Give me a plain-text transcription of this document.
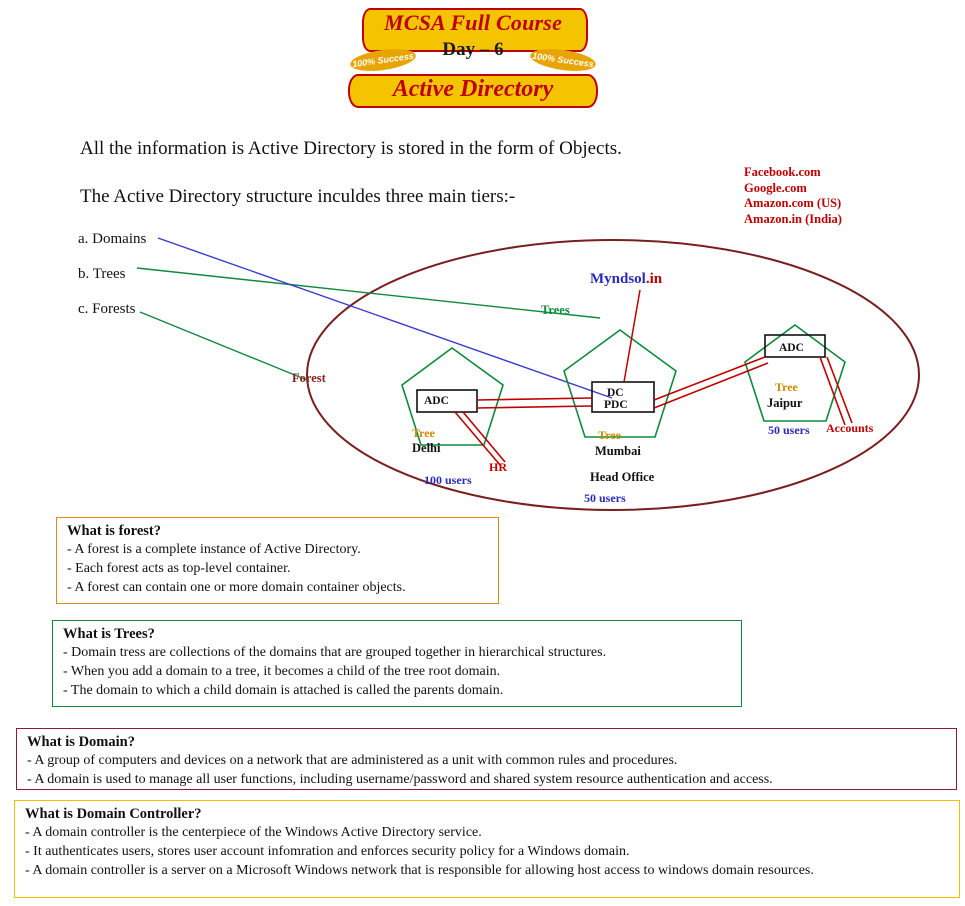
MCSA Full Course
Day – 6
100% Success	100% Success
Active Directory
All the information is Active Directory is stored in the form of Objects.
The Active Directory structure inculdes three main tiers:-
a. Domains
b. Trees
c. Forests
Facebook.com
Google.com
Amazon.com (US)
Amazon.in (India)
Myndsol.in
Trees
Forest
ADC
DC
PDC
ADC
Tree
Delhi
Tree
Mumbai
Tree
Jaipur
HR
Accounts
Head Office
100 users
50 users
50 users

What is forest?

- A forest is a complete instance of Active Directory.

- Each forest acts as top-level container.

- A forest can contain one or more domain container objects.

What is Trees?

- Domain tress are collections of the domains that are grouped together in hierarchical structures.

- When you add a domain to a tree, it becomes a child of the tree root domain.

- The domain to which a child domain is attached is called the parents domain.

What is Domain?

- A group of computers and devices on a network that are administered as a unit with common rules and procedures.

- A domain is used to manage all user functions, including username/password and shared system resource authentication and access.

What is Domain Controller?

- A domain controller is the centerpiece of the Windows Active Directory service.

- It authenticates users, stores user account infomration and enforces security policy for a Windows domain.

- A domain controller is a server on a Microsoft Windows network that is responsible for allowing host access to windows domain resources.
